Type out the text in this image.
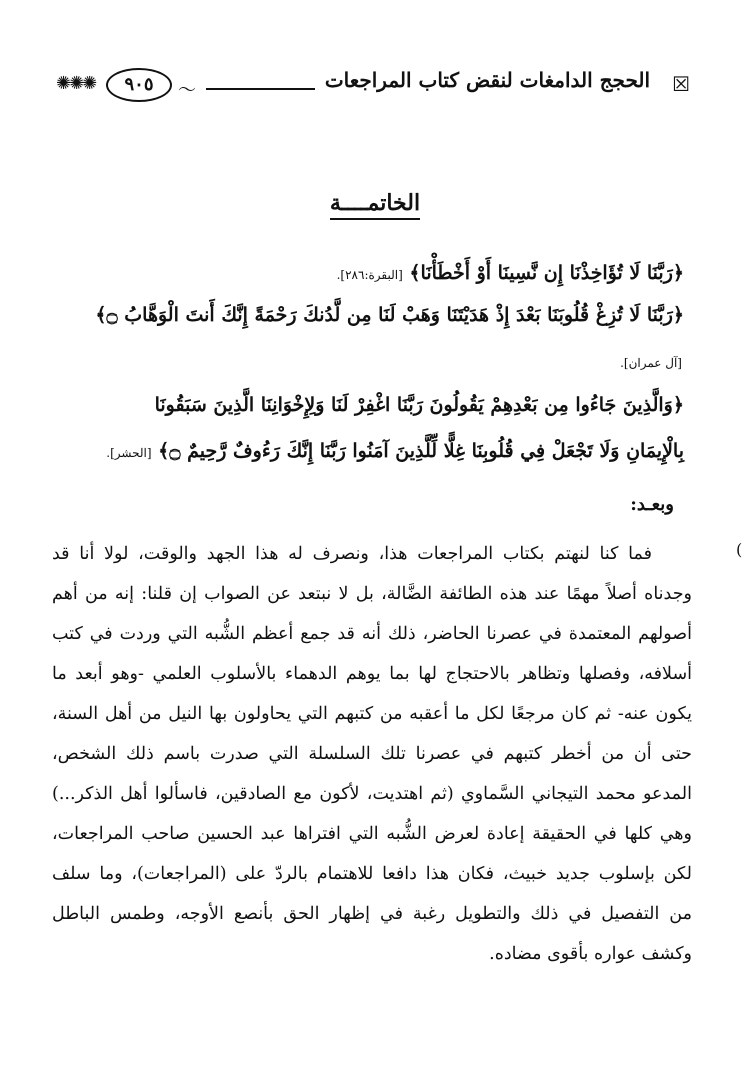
☒
الحجج الدامغات لنقض كتاب المراجعات
✺✺✺	٩٠٥	〜
الخاتمــــة
﴿رَبَّنَا لَا تُؤَاخِذْنَا إِن نَّسِينَا أَوْ أَخْطَأْنَا﴾ [البقرة:٢٨٦].
﴿رَبَّنَا لَا تُزِغْ قُلُوبَنَا بَعْدَ إِذْ هَدَيْتَنَا وَهَبْ لَنَا مِن لَّدُنكَ رَحْمَةً إِنَّكَ أَنتَ الْوَهَّابُ ۝﴾
[آل عمران].
﴿وَالَّذِينَ جَاءُوا مِن بَعْدِهِمْ يَقُولُونَ رَبَّنَا اغْفِرْ لَنَا وَلِإِخْوَانِنَا الَّذِينَ سَبَقُونَا
بِالْإِيمَانِ وَلَا تَجْعَلْ فِي قُلُوبِنَا غِلًّا لِّلَّذِينَ آمَنُوا رَبَّنَا إِنَّكَ رَءُوفٌ رَّحِيمٌ ۝﴾ [الحشر].
وبعـد:
فما كنا لنهتم بكتاب المراجعات هذا، ونصرف له هذا الجهد والوقت، لولا أنا قد
وجدناه أصلاً مهمًا عند هذه الطائفة الضَّالة، بل لا نبتعد عن الصواب إن قلنا: إنه من أهم
أصولهم المعتمدة في عصرنا الحاضر، ذلك أنه قد جمع أعظم الشُّبه التي وردت في كتب
أسلافه، وفصلها وتظاهر بالاحتجاج لها بما يوهم الدهماء بالأسلوب العلمي -وهو أبعد ما
يكون عنه- ثم كان مرجعًا لكل ما أعقبه من كتبهم التي يحاولون بها النيل من أهل السنة،
حتى أن من أخطر كتبهم في عصرنا تلك السلسلة التي صدرت باسم ذلك الشخص،
المدعو محمد التيجاني السَّماوي (ثم اهتديت، لأكون مع الصادقين، فاسألوا أهل الذكر...)
وهي كلها في الحقيقة إعادة لعرض الشُّبه التي افتراها عبد الحسين صاحب المراجعات،
لكن بإسلوب جديد خبيث، فكان هذا دافعا للاهتمام بالردّ على (المراجعات)، وما سلف
من التفصيل في ذلك والتطويل رغبة في إظهار الحق بأنصع الأوجه، وطمس الباطل
وكشف عواره بأقوى مضاده.
(
